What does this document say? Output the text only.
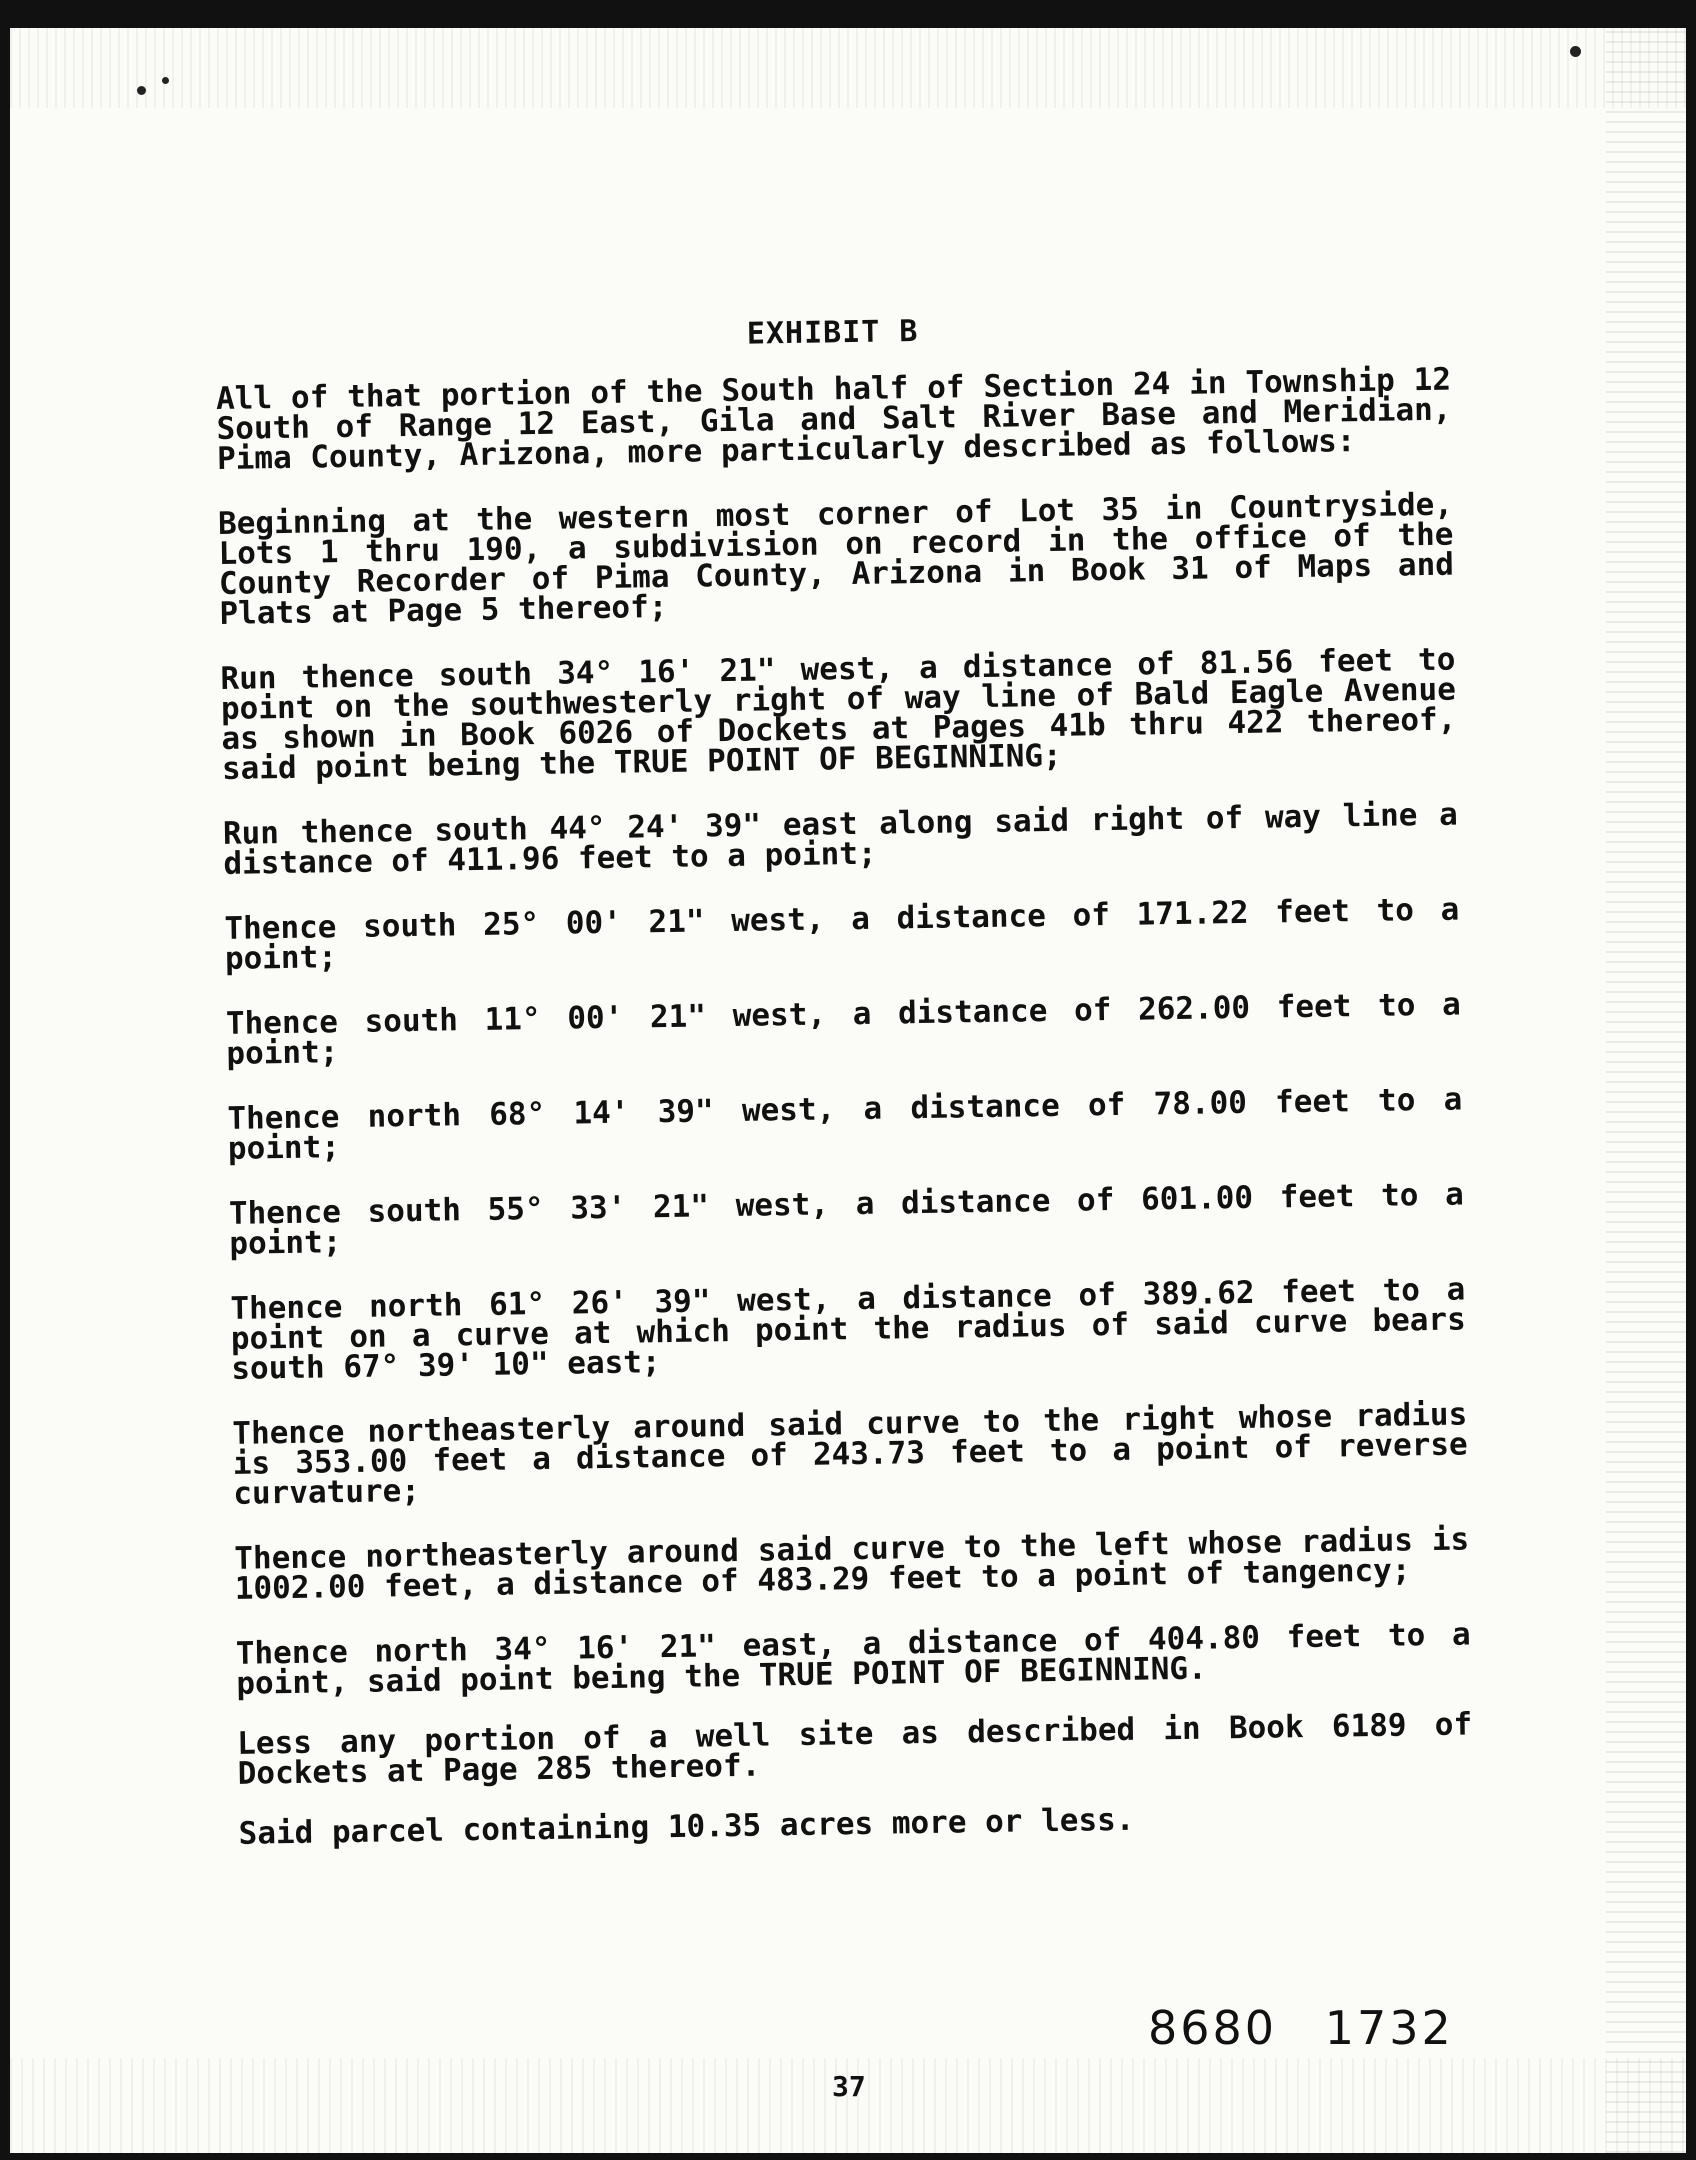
EXHIBIT B
All of that portion of the South half of Section 24 in Township 12 South of Range 12 East, Gila and Salt River Base and Meridian, Pima County, Arizona, more particularly described as follows:
Beginning at the western most corner of Lot 35 in Countryside, Lots 1 thru 190, a subdivision on record in the office of the County Recorder of Pima County, Arizona in Book 31 of Maps and Plats at Page 5 thereof;
Run thence south 34° 16' 21" west, a distance of 81.56 feet to point on the southwesterly right of way line of Bald Eagle Avenue as shown in Book 6026 of Dockets at Pages 41b thru 422 thereof, said point being the TRUE POINT OF BEGINNING;
Run thence south 44° 24' 39" east along said right of way line a distance of 411.96 feet to a point;
Thence south 25° 00' 21" west, a distance of 171.22 feet to a point;
Thence south 11° 00' 21" west, a distance of 262.00 feet to a point;
Thence north 68° 14' 39" west, a distance of 78.00 feet to a point;
Thence south 55° 33' 21" west, a distance of 601.00 feet to a point;
Thence north 61° 26' 39" west, a distance of 389.62 feet to a point on a curve at which point the radius of said curve bears south 67° 39' 10" east;
Thence northeasterly around said curve to the right whose radius is 353.00 feet a distance of 243.73 feet to a point of reverse curvature;
Thence northeasterly around said curve to the left whose radius is 1002.00 feet, a distance of 483.29 feet to a point of tangency;
Thence north 34° 16' 21" east, a distance of 404.80 feet to a point, said point being the TRUE POINT OF BEGINNING.
Less any portion of a well site as described in Book 6189 of Dockets at Page 285 thereof.
Said parcel containing 10.35 acres more or less.
8680 1732
37
